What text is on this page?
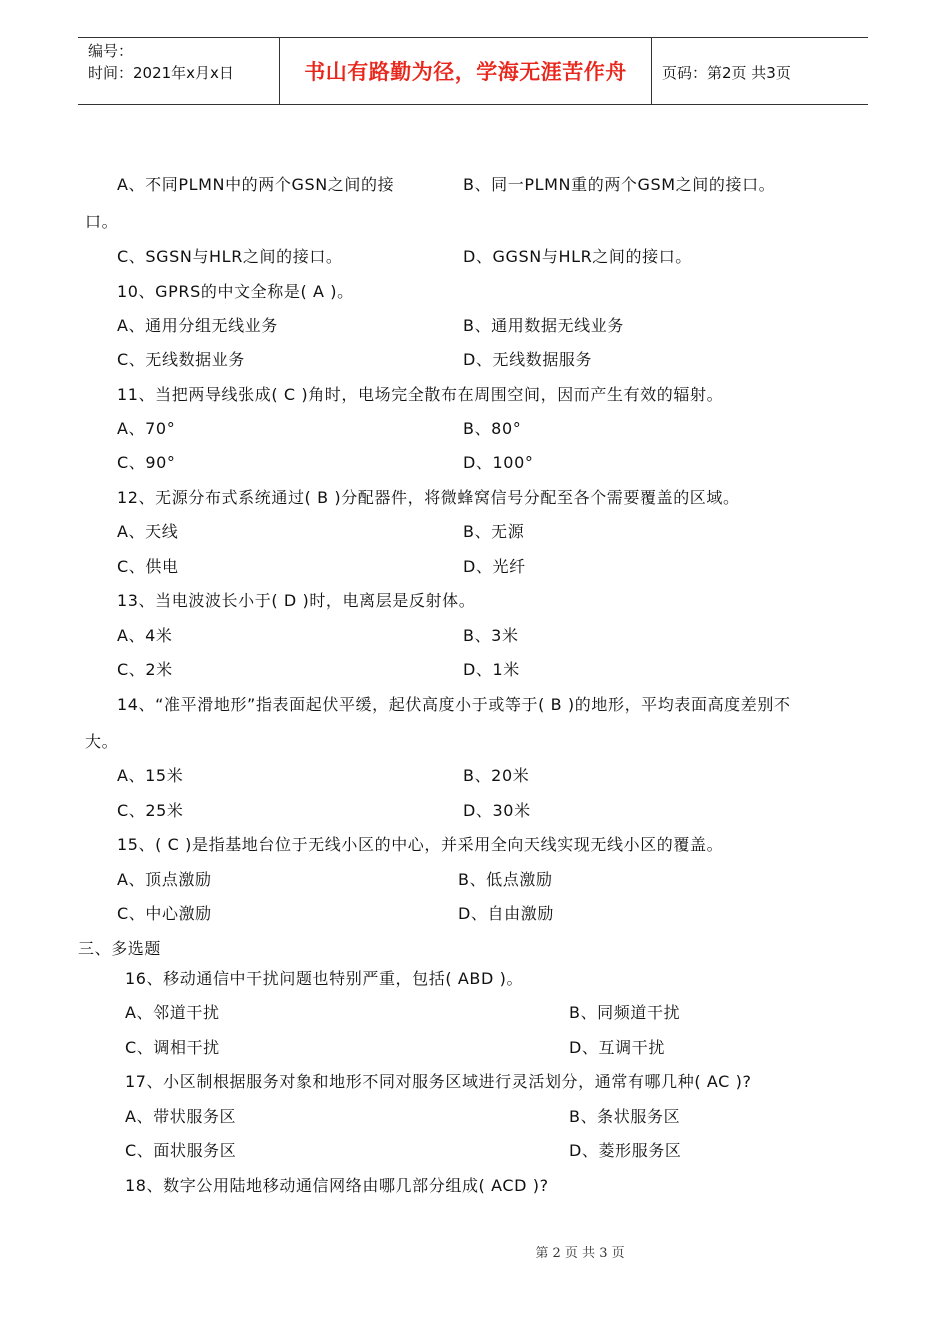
编号：
时间：2021年x月x日	书山有路勤为径，学海无涯苦作舟	页码：第2页 共3页
A、不同PLMN中的两个GSN之间的接	B、同一PLMN重的两个GSM之间的接口。
口。
C、SGSN与HLR之间的接口。	D、GGSN与HLR之间的接口。
10、GPRS的中文全称是( A )。
A、通用分组无线业务	B、通用数据无线业务
C、无线数据业务	D、无线数据服务
11、当把两导线张成( C )角时，电场完全散布在周围空间，因而产生有效的辐射。
A、70°	B、80°
C、90°	D、100°
12、无源分布式系统通过( B )分配器件，将微蜂窝信号分配至各个需要覆盖的区域。
A、天线	B、无源
C、供电	D、光纤
13、当电波波长小于( D )时，电离层是反射体。
A、4米	B、3米
C、2米	D、1米
14、“准平滑地形”指表面起伏平缓，起伏高度小于或等于( B )的地形，平均表面高度差别不
大。
A、15米	B、20米
C、25米	D、30米
15、( C )是指基地台位于无线小区的中心，并采用全向天线实现无线小区的覆盖。
A、顶点激励	B、低点激励
C、中心激励	D、自由激励
三、多选题
16、移动通信中干扰问题也特别严重，包括( ABD )。
A、邻道干扰	B、同频道干扰
C、调相干扰	D、互调干扰
17、小区制根据服务对象和地形不同对服务区域进行灵活划分，通常有哪几种( AC )?
A、带状服务区	B、条状服务区
C、面状服务区	D、菱形服务区
18、数字公用陆地移动通信网络由哪几部分组成( ACD )?
第 2 页 共 3 页
